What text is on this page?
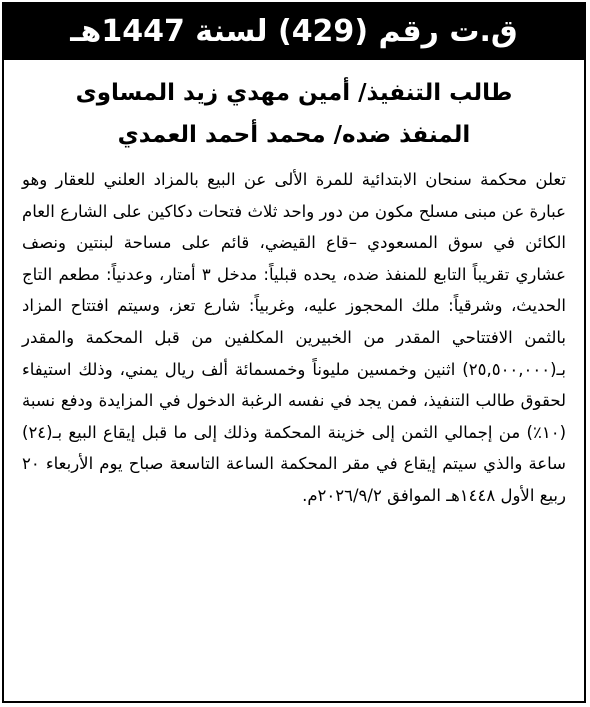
ق.ت رقم (429) لسنة 1447هـ
طالب التنفيذ/ أمين مهدي زيد المساوى
المنفذ ضده/ محمد أحمد العمدي
تعلن محكمة سنحان الابتدائية للمرة الألى عن البيع بالمزاد العلني للعقار وهو عبارة عن مبنى مسلح مكون من دور واحد ثلاث فتحات دكاكين على الشارع العام الكائن في سوق المسعودي –قاع القيضي، قائم على مساحة لبنتين ونصف عشاري تقريباً التابع للمنفذ ضده، يحده قبلياً: مدخل ٣ أمتار، وعدنياً: مطعم التاج الحديث، وشرقياً: ملك المحجوز عليه، وغربياً: شارع تعز، وسيتم افتتاح المزاد بالثمن الافتتاحي المقدر من الخبيرين المكلفين من قبل المحكمة والمقدر بـ(٢٥,٥٠٠,٠٠٠) اثنين وخمسين مليوناً وخمسمائة ألف ريال يمني، وذلك استيفاء لحقوق طالب التنفيذ، فمن يجد في نفسه الرغبة الدخول في المزايدة ودفع نسبة (١٠٪) من إجمالي الثمن إلى خزينة المحكمة وذلك إلى ما قبل إيقاع البيع بـ(٢٤) ساعة والذي سيتم إيقاع في مقر المحكمة الساعة التاسعة صباح يوم الأربعاء ٢٠ ربيع الأول ١٤٤٨هـ الموافق ٢٠٢٦/٩/٢م.
